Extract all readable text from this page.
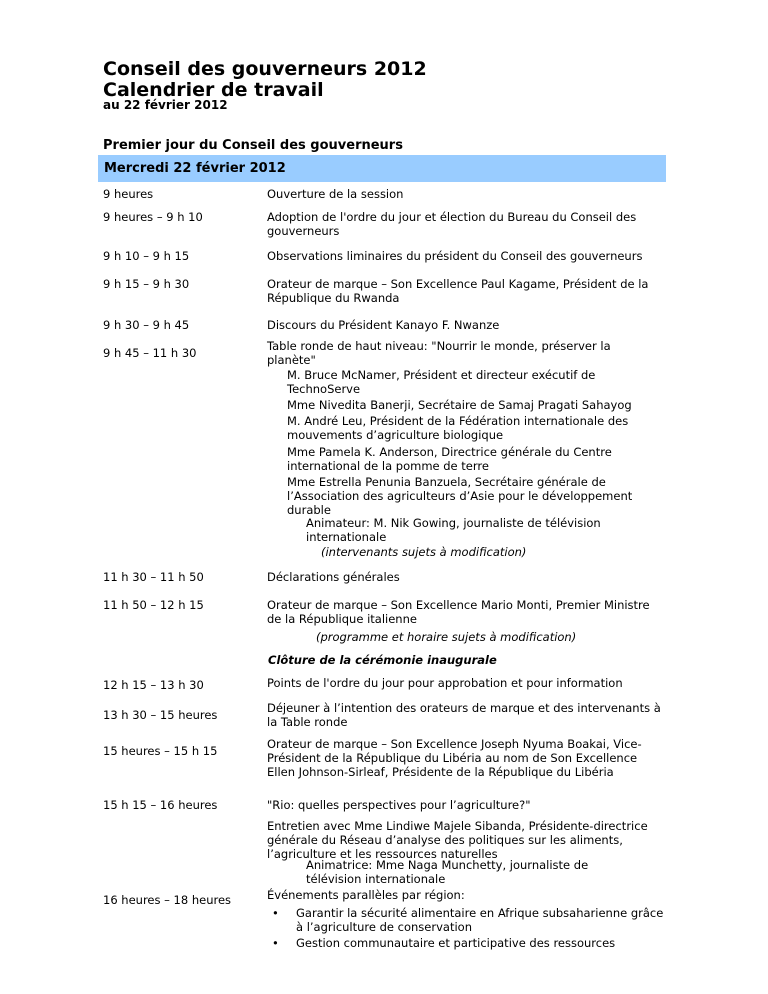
Conseil des gouverneurs 2012
Calendrier de travail
au 22 février 2012
Premier jour du Conseil des gouverneurs
Mercredi 22 février 2012
9 heures	Ouverture de la session
9 heures – 9 h 10	Adoption de l'ordre du jour et élection du Bureau du Conseil des gouverneurs
9 h 10 – 9 h 15	Observations liminaires du président du Conseil des gouverneurs
9 h 15 – 9 h 30	Orateur de marque – Son Excellence Paul Kagame, Président de la République du Rwanda
9 h 30 – 9 h 45	Discours du Président Kanayo F. Nwanze
9 h 45 – 11 h 30	Table ronde de haut niveau: "Nourrir le monde, préserver la planète"
M. Bruce McNamer, Président et directeur exécutif de TechnoServe
Mme Nivedita Banerji, Secrétaire de Samaj Pragati Sahayog
M. André Leu, Président de la Fédération internationale des mouvements d’agriculture biologique
Mme Pamela K. Anderson, Directrice générale du Centre international de la pomme de terre
Mme Estrella Penunia Banzuela, Secrétaire générale de l’Association des agriculteurs d’Asie pour le développement durable
Animateur: M. Nik Gowing, journaliste de télévision internationale
(intervenants sujets à modification)
11 h 30 – 11 h 50	Déclarations générales
11 h 50 – 12 h 15	Orateur de marque – Son Excellence Mario Monti, Premier Ministre de la République italienne
(programme et horaire sujets à modification)
Clôture de la cérémonie inaugurale
12 h 15 – 13 h 30	Points de l'ordre du jour pour approbation et pour information
13 h 30 – 15 heures	Déjeuner à l’intention des orateurs de marque et des intervenants à la Table ronde
15 heures – 15 h 15	Orateur de marque – Son Excellence Joseph Nyuma Boakai, Vice-Président de la République du Libéria au nom de Son Excellence Ellen Johnson-Sirleaf, Présidente de la République du Libéria
15 h 15 – 16 heures	"Rio: quelles perspectives pour l’agriculture?"
Entretien avec Mme Lindiwe Majele Sibanda, Présidente-directrice générale du Réseau d’analyse des politiques sur les aliments, l’agriculture et les ressources naturelles
Animatrice: Mme Naga Munchetty, journaliste de télévision internationale
16 heures – 18 heures	Événements parallèles par région:
• Garantir la sécurité alimentaire en Afrique subsaharienne grâce à l’agriculture de conservation
• Gestion communautaire et participative des ressources
